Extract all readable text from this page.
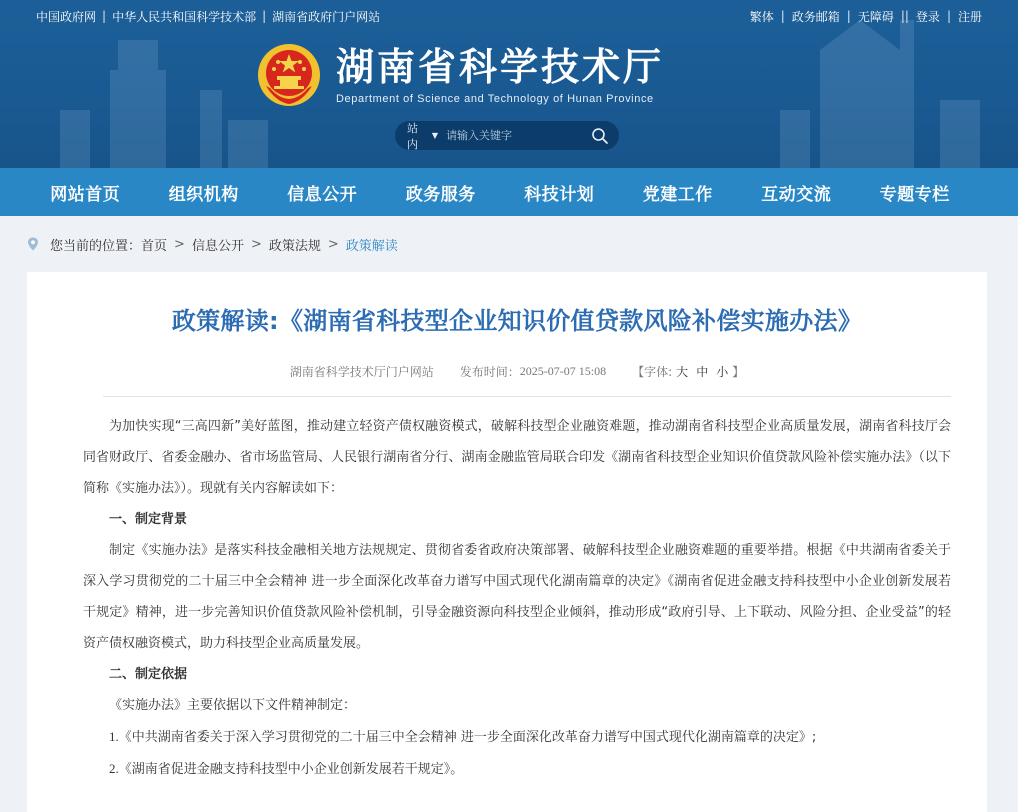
中国政府网 | 中华人民共和国科学技术部 | 湖南省政府门户网站	繁体 | 政务邮箱 | 无障碍 || 登录 | 注册
湖南省科学技术厅
Department of Science and Technology of Hunan Province
站内
▼
请输入关键字
网站首页	组织机构	信息公开	政务服务	科技计划	党建工作	互动交流	专题专栏
您当前的位置： 首页 > 信息公开 > 政策法规 > 政策解读
政策解读:《湖南省科技型企业知识价值贷款风险补偿实施办法》
湖南省科学技术厅门户网站 发布时间： 2025-07-07 15:08 【字体: 大 中 小 】

为加快实现“三高四新”美好蓝图，推动建立轻资产债权融资模式，破解科技型企业融资难题，推动湖南省科技型企业高质量发展，湖南省科技厅会同省财政厅、省委金融办、省市场监管局、人民银行湖南省分行、湖南金融监管局联合印发《湖南省科技型企业知识价值贷款风险补偿实施办法》（以下简称《实施办法》）。现就有关内容解读如下：

一、制定背景

制定《实施办法》是落实科技金融相关地方法规规定、贯彻省委省政府决策部署、破解科技型企业融资难题的重要举措。根据《中共湖南省委关于深入学习贯彻党的二十届三中全会精神 进一步全面深化改革奋力谱写中国式现代化湖南篇章的决定》《湖南省促进金融支持科技型中小企业创新发展若干规定》精神，进一步完善知识价值贷款风险补偿机制，引导金融资源向科技型企业倾斜，推动形成“政府引导、上下联动、风险分担、企业受益”的轻资产债权融资模式，助力科技型企业高质量发展。

二、制定依据

《实施办法》主要依据以下文件精神制定：

1.《中共湖南省委关于深入学习贯彻党的二十届三中全会精神 进一步全面深化改革奋力谱写中国式现代化湖南篇章的决定》;

2.《湖南省促进金融支持科技型中小企业创新发展若干规定》。
